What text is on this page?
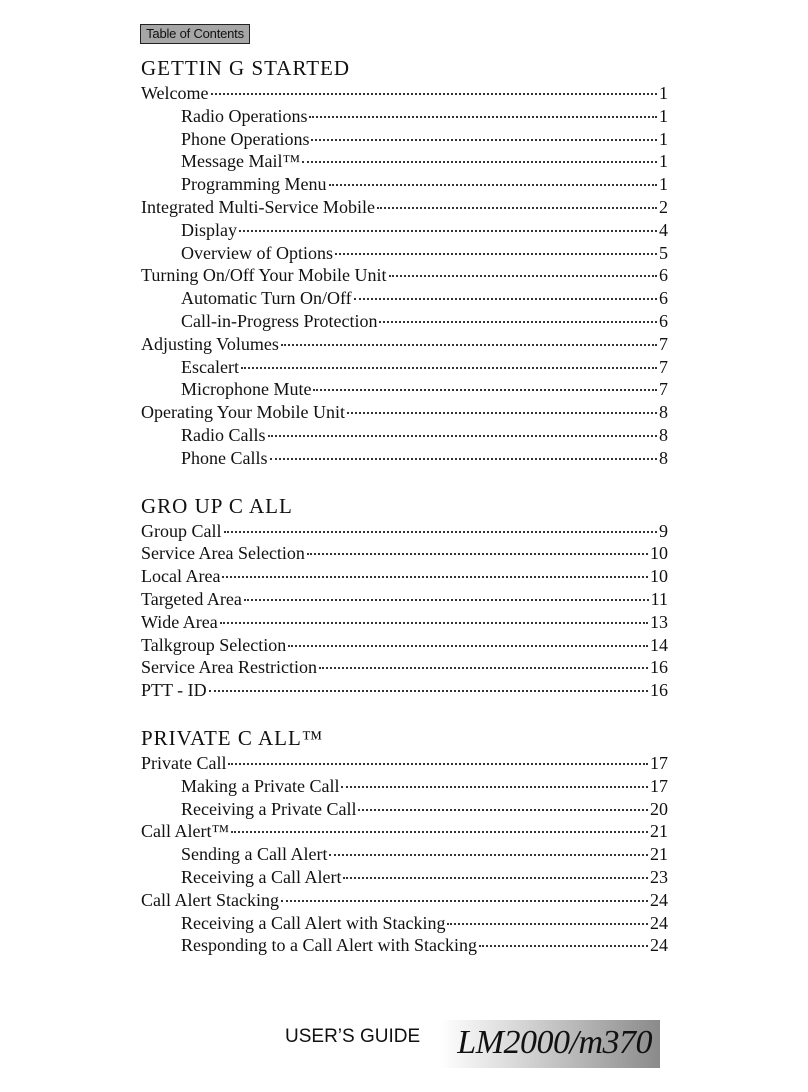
Table of Contents
GETTIN G STARTED
Welcome	1
Radio Operations	1
Phone Operations	1
Message Mail™	1
Programming Menu	1
Integrated Multi-Service Mobile	2
Display	4
Overview of Options	5
Turning On/Off Your Mobile Unit	6
Automatic Turn On/Off	6
Call-in-Progress Protection	6
Adjusting Volumes	7
Escalert	7
Microphone Mute	7
Operating Your Mobile Unit	8
Radio Calls	8
Phone Calls	8
GRO UP C ALL
Group Call	9
Service Area Selection	10
Local Area	10
Targeted Area	11
Wide Area	13
Talkgroup Selection	14
Service Area Restriction	16
PTT - ID	16
PRIVATE C ALL™
Private Call	17
Making a Private Call	17
Receiving a Private Call	20
Call Alert™	21
Sending a Call Alert	21
Receiving a Call Alert	23
Call Alert Stacking	24
Receiving a Call Alert with Stacking	24
Responding to a Call Alert with Stacking	24
USER’S GUIDE LM2000/m370
